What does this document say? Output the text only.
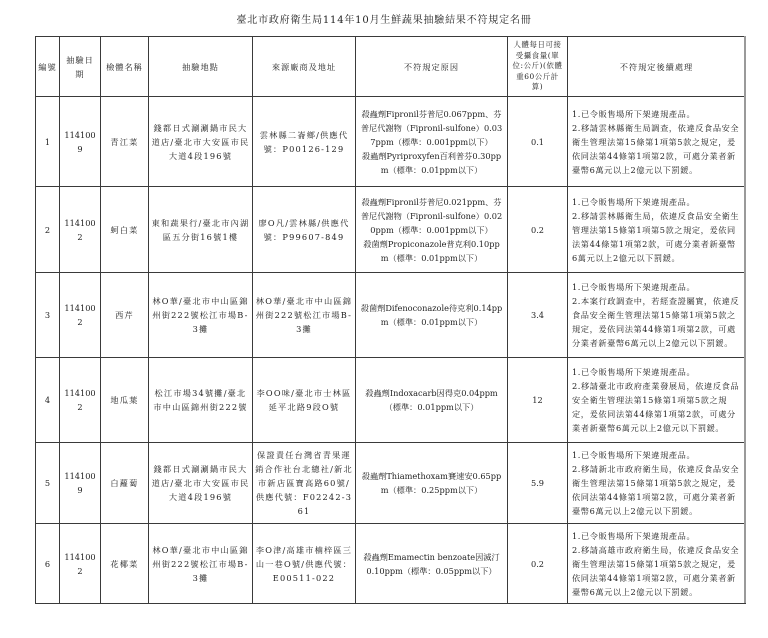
臺北市政府衛生局114年10月生鮮蔬果抽驗結果不符規定名冊
編號	抽驗日期	檢體名稱	抽驗地點	來源廠商及地址	不符規定原因	人體每日可接受攝食量(單位:公斤)(依體重60公斤計算)	不符規定後續處理
1	1141009	青江菜	錢都日式涮涮鍋市民大道店/臺北市大安區市民大道4段196號	雲林縣二崙鄉/供應代號：P00126-129	殺蟲劑Fipronil芬普尼0.067ppm、芬普尼代謝物（Fipronil-sulfone）0.037ppm（標準：0.001ppm以下）
殺蟲劑Pyriproxyfen百利普芬0.30ppm（標準：0.01ppm以下）	0.1	1.已令販售場所下架違規產品。
2.移請雲林縣衛生局調查，依違反食品安全衛生管理法第15條第1項第5款之規定，爰依同法第44條第1項第2款，可處分業者新臺幣6萬元以上2億元以下罰鍰。

2	1141002	蚵白菜	東和蔬果行/臺北市內湖區五分街16號1樓	廖O凡/雲林縣/供應代號：P99607-849	殺蟲劑Fipronil芬普尼0.021ppm、芬普尼代謝物（Fipronil-sulfone）0.020ppm（標準：0.001ppm以下）
殺菌劑Propiconazole普克利0.10ppm（標準：0.01ppm以下）	0.2	1.已令販售場所下架違規產品。
2.移請雲林縣衛生局，依違反食品安全衛生管理法第15條第1項第5款之規定，爰依同法第44條第1項第2款，可處分業者新臺幣6萬元以上2億元以下罰鍰。

3	1141002	西芹	林O華/臺北市中山區錦州街222號松江市場B-3攤	林O華/臺北市中山區錦州街222號松江市場B-3攤	殺菌劑Difenoconazole待克利0.14ppm（標準：0.01ppm以下）	3.4	1.已令販售場所下架違規產品。
2.本案行政調查中，若經查證屬實，依違反食品安全衛生管理法第15條第1項第5款之規定，爰依同法第44條第1項第2款，可處分業者新臺幣6萬元以上2億元以下罰鍰。

4	1141002	地瓜葉	松江市場34號攤/臺北市中山區錦州街222號	李OO味/臺北市士林區延平北路9段O號	殺蟲劑Indoxacarb因得克0.04ppm（標準：0.01ppm以下）	12	1.已令販售場所下架違規產品。
2.移請臺北市政府產業發展局，依違反食品安全衛生管理法第15條第1項第5款之規定，爰依同法第44條第1項第2款，可處分業者新臺幣6萬元以上2億元以下罰鍰。

5	1141009	白蘿蔔	錢都日式涮涮鍋市民大道店/臺北市大安區市民大道4段196號	保證責任台灣省青果運銷合作社台北總社/新北市新店區寶高路60號/供應代號：F02242-361	殺蟲劑Thiamethoxam賽速安0.65ppm（標準：0.25ppm以下）	5.9	1.已令販售場所下架違規產品。
2.移請新北市政府衛生局，依違反食品安全衛生管理法第15條第1項第5款之規定，爰依同法第44條第1項第2款，可處分業者新臺幣6萬元以上2億元以下罰鍰。

6	1141002	花椰菜	林O華/臺北市中山區錦州街222號松江市場B-3攤	李O津/高雄市楠梓區三山一巷O號/供應代號：E00511-022	殺蟲劑Emamectin benzoate因滅汀0.10ppm（標準：0.05ppm以下）	0.2	1.已令販售場所下架違規產品。
2.移請高雄市政府衛生局，依違反食品安全衛生管理法第15條第1項第5款之規定，爰依同法第44條第1項第2款，可處分業者新臺幣6萬元以上2億元以下罰鍰。
